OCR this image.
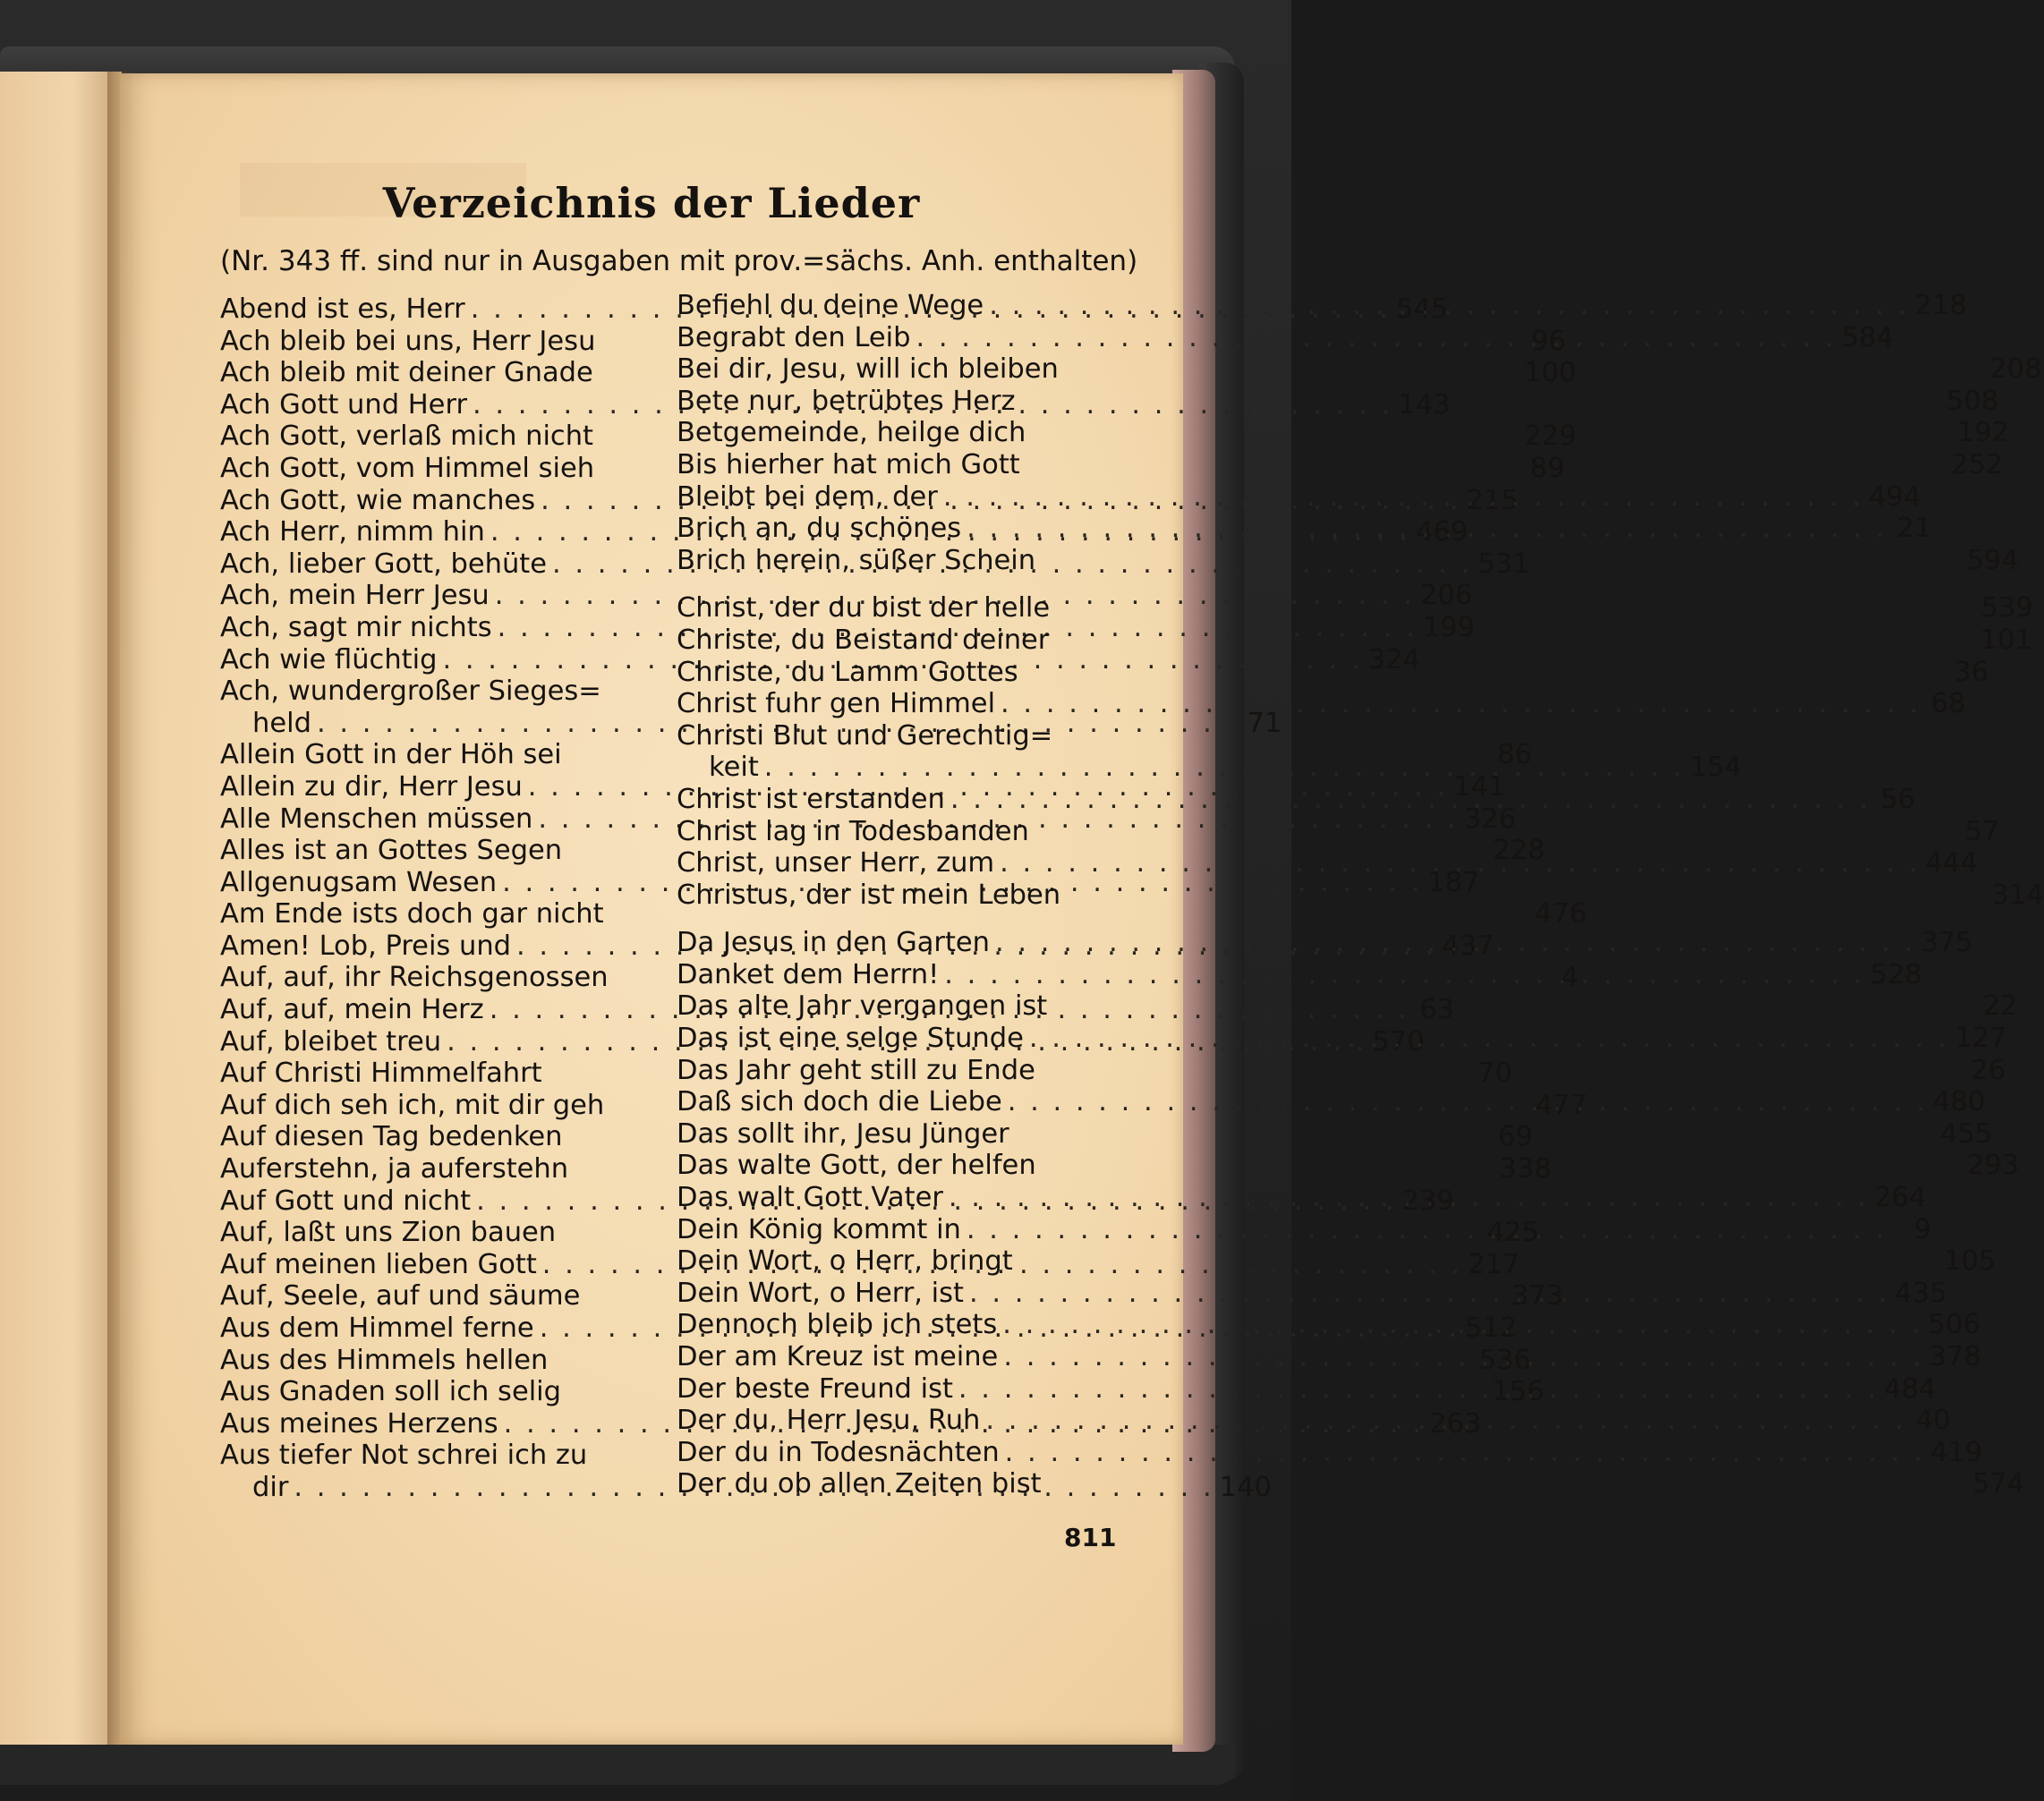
Verzeichnis der Lieder
(Nr. 343 ff. sind nur in Ausgaben mit prov.=sächs. Anh. enthalten)
Abend ist es, Herr . . .	545
Ach bleib bei uns, Herr Jesu	96
Ach bleib mit deiner Gnade	100
Ach Gott und Herr . . .	143
Ach Gott, verlaß mich nicht	229
Ach Gott, vom Himmel sieh	89
Ach Gott, wie manches . . .	215
Ach Herr, nimm hin . . .	469
Ach, lieber Gott, behüte . . .	531
Ach, mein Herr Jesu . . .	206
Ach, sagt mir nichts . . .	199
Ach wie flüchtig . . .	324
Ach, wundergroßer Sieges=
held . . .	71
Allein Gott in der Höh sei	86
Allein zu dir, Herr Jesu . . .	141
Alle Menschen müssen . . .	326
Alles ist an Gottes Segen	228
Allgenugsam Wesen . . .	187
Am Ende ists doch gar nicht	476
Amen! Lob, Preis und . . .	437
Auf, auf, ihr Reichsgenossen	4
Auf, auf, mein Herz . . .	63
Auf, bleibet treu . . .	570
Auf Christi Himmelfahrt	70
Auf dich seh ich, mit dir geh	477
Auf diesen Tag bedenken	69
Auferstehn, ja auferstehn	338
Auf Gott und nicht . . .	239
Auf, laßt uns Zion bauen	425
Auf meinen lieben Gott . . .	217
Auf, Seele, auf und säume	373
Aus dem Himmel ferne . . .	512
Aus des Himmels hellen	536
Aus Gnaden soll ich selig	156
Aus meines Herzens . . .	263
Aus tiefer Not schrei ich zu
dir . . .	140
Befiehl du deine Wege . . .	218
Begrabt den Leib . . .	584
Bei dir, Jesu, will ich bleiben	208
Bete nur, betrübtes Herz	508
Betgemeinde, heilge dich	192
Bis hierher hat mich Gott	252
Bleibt bei dem, der . . .	494
Brich an, du schönes . . .	21
Brich herein, süßer Schein	594
Christ, der du bist der helle	539
Christe, du Beistand deiner	101
Christe, du Lamm Gottes	36
Christ fuhr gen Himmel . . .	68
Christi Blut und Gerechtig=
keit . . .	154
Christ ist erstanden . . .	56
Christ lag in Todesbanden	57
Christ, unser Herr, zum . . .	444
Christus, der ist mein Leben	314
Da Jesus in den Garten . . .	375
Danket dem Herrn! . . .	528
Das alte Jahr vergangen ist	22
Das ist eine selge Stunde . . .	127
Das Jahr geht still zu Ende	26
Daß sich doch die Liebe . . .	480
Das sollt ihr, Jesu Jünger	455
Das walte Gott, der helfen	293
Das walt Gott Vater . . .	264
Dein König kommt in . . .	9
Dein Wort, o Herr, bringt	105
Dein Wort, o Herr, ist . . .	435
Dennoch bleib ich stets . . .	506
Der am Kreuz ist meine . . .	378
Der beste Freund ist . . .	484
Der du, Herr Jesu, Ruh . . .	40
Der du in Todesnächten . . .	419
Der du ob allen Zeiten bist	574
811
